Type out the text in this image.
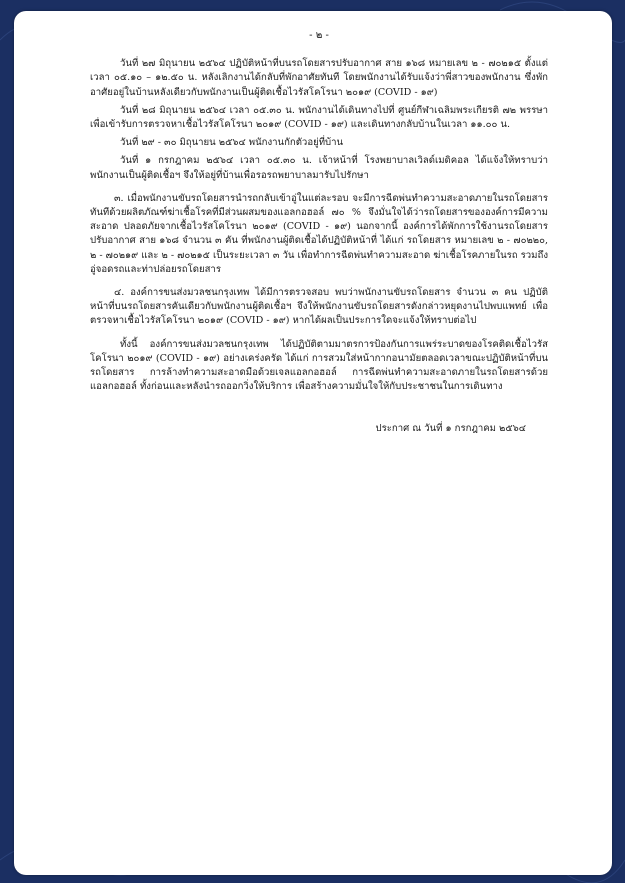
- ๒ -

วันที่ ๒๗ มิถุนายน ๒๕๖๔ ปฏิบัติหน้าที่บนรถโดยสารปรับอากาศ สาย ๑๖๘ หมายเลข ๒ - ๗๐๒๑๕ ตั้งแต่เวลา ๐๕.๑๐ – ๑๒.๕๐ น. หลังเลิกงานได้กลับที่พักอาศัยทันที โดยพนักงานได้รับแจ้งว่าพี่สาวของพนักงาน ซึ่งพักอาศัยอยู่ในบ้านหลังเดียวกับพนักงานเป็นผู้ติดเชื้อไวรัสโคโรนา ๒๐๑๙ (COVID - ๑๙)

วันที่ ๒๘ มิถุนายน ๒๕๖๔ เวลา ๐๕.๓๐ น. พนักงานได้เดินทางไปที่ ศูนย์กีฬาเฉลิมพระเกียรติ ๗๒ พรรษา เพื่อเข้ารับการตรวจหาเชื้อไวรัสโคโรนา ๒๐๑๙ (COVID - ๑๙) และเดินทางกลับบ้านในเวลา ๑๑.๐๐ น.

วันที่ ๒๙ - ๓๐ มิถุนายน ๒๕๖๔ พนักงานกักตัวอยู่ที่บ้าน

วันที่ ๑ กรกฎาคม ๒๕๖๔ เวลา ๐๕.๓๐ น. เจ้าหน้าที่ โรงพยาบาลเวิลด์เมดิคอล ได้แจ้งให้ทราบว่าพนักงานเป็นผู้ติดเชื้อฯ จึงให้อยู่ที่บ้านเพื่อรอรถพยาบาลมารับไปรักษา

๓. เมื่อพนักงานขับรถโดยสารนำรถกลับเข้าอู่ในแต่ละรอบ จะมีการฉีดพ่นทำความสะอาดภายในรถโดยสารทันทีด้วยผลิตภัณฑ์ฆ่าเชื้อโรคที่มีส่วนผสมของแอลกอฮอล์ ๗๐ % จึงมั่นใจได้ว่ารถโดยสารขององค์การมีความสะอาด ปลอดภัยจากเชื้อไวรัสโคโรนา ๒๐๑๙ (COVID - ๑๙) นอกจากนี้ องค์การได้พักการใช้งานรถโดยสารปรับอากาศ สาย ๑๖๘ จำนวน ๓ คัน ที่พนักงานผู้ติดเชื้อได้ปฏิบัติหน้าที่ ได้แก่ รถโดยสาร หมายเลข ๒ - ๗๐๒๒๐, ๒ - ๗๐๒๑๙ และ ๒ - ๗๐๒๑๕ เป็นระยะเวลา ๓ วัน เพื่อทำการฉีดพ่นทำความสะอาด ฆ่าเชื้อโรคภายในรถ รวมถึง อู่จอดรถและท่าปล่อยรถโดยสาร

๔. องค์การขนส่งมวลชนกรุงเทพ ได้มีการตรวจสอบ พบว่าพนักงานขับรถโดยสาร จำนวน ๓ คน ปฏิบัติหน้าที่บนรถโดยสารคันเดียวกับพนักงานผู้ติดเชื้อฯ จึงให้พนักงานขับรถโดยสารดังกล่าวหยุดงานไปพบแพทย์ เพื่อตรวจหาเชื้อไวรัสโคโรนา ๒๐๑๙ (COVID - ๑๙) หากได้ผลเป็นประการใดจะแจ้งให้ทราบต่อไป

ทั้งนี้ องค์การขนส่งมวลชนกรุงเทพ ได้ปฏิบัติตามมาตรการป้องกันการแพร่ระบาดของโรคติดเชื้อไวรัสโคโรนา ๒๐๑๙ (COVID - ๑๙) อย่างเคร่งครัด ได้แก่ การสวมใส่หน้ากากอนามัยตลอดเวลาขณะปฏิบัติหน้าที่บนรถโดยสาร การล้างทำความสะอาดมือด้วยเจลแอลกอฮอล์ การฉีดพ่นทำความสะอาดภายในรถโดยสารด้วยแอลกอฮอล์ ทั้งก่อนและหลังนำรถออกวิ่งให้บริการ เพื่อสร้างความมั่นใจให้กับประชาชนในการเดินทาง

ประกาศ ณ วันที่ ๑ กรกฎาคม ๒๕๖๔
